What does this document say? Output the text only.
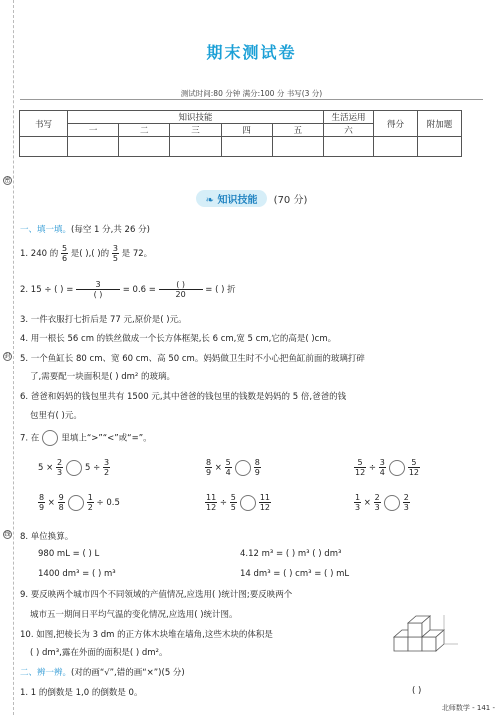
密
封
线
期末测试卷
测试时间:80 分钟 满分:100 分 书写(3 分)
书写	知识技能					生活运用	得分	附加题
	一	二	三	四	五	六		

❧ 知识技能 (70 分)
一、填一填。(每空 1 分,共 26 分)
1. 240 的 $\frac{5}{6}$ 是( ),( )的 $\frac{3}{5}$ 是 72。
2. 15 ÷ ( ) = $\frac{3}{( )} = 0.6 = \frac{( )}{20}$ = ( ) 折
3. 一件衣服打七折后是 77 元,原价是( )元。
4. 用一根长 56 cm 的铁丝做成一个长方体框架,长 6 cm,宽 5 cm,它的高是( )cm。
5. 一个鱼缸长 80 cm、宽 60 cm、高 50 cm。妈妈做卫生时不小心把鱼缸前面的玻璃打碎
了,需要配一块面积是( ) dm² 的玻璃。
6. 爸爸和妈妈的钱包里共有 1500 元,其中爸爸的钱包里的钱数是妈妈的 5 倍,爸爸的钱
包里有( )元。
7. 在	里填上“>”“<”或“=”。
$5 \times \frac{2}{3}$	$5 \div \frac{3}{2}$	$\frac{8}{9} \times \frac{5}{4}$	$\frac{8}{9}$	$\frac{5}{12} \div \frac{3}{4}$	$\frac{5}{12}$
$\frac{8}{9} \times \frac{9}{8}$	$\frac{1}{2} \div 0.5$	$\frac{11}{12} \div \frac{5}{5}$	$\frac{11}{12}$	$\frac{1}{3} \times \frac{2}{3}$	$\frac{2}{3}$
8. 单位换算。
980 mL = ( ) L	4.12 m³ = ( ) m³ ( ) dm³
1400 dm³ = ( ) m³	14 dm³ = ( ) cm³ = ( ) mL
9. 要反映两个城市四个不同领域的产值情况,应选用( )统计图;要反映两个
城市五一期间日平均气温的变化情况,应选用( )统计图。
10. 如图,把棱长为 3 dm 的正方体木块堆在墙角,这些木块的体积是
( ) dm³,露在外面的面积是( ) dm²。
二、辨一辨。(对的画“√”,错的画“×”)(5 分)
1. 1 的倒数是 1,0 的倒数是 0。	( )
北师数学 - 141 -
